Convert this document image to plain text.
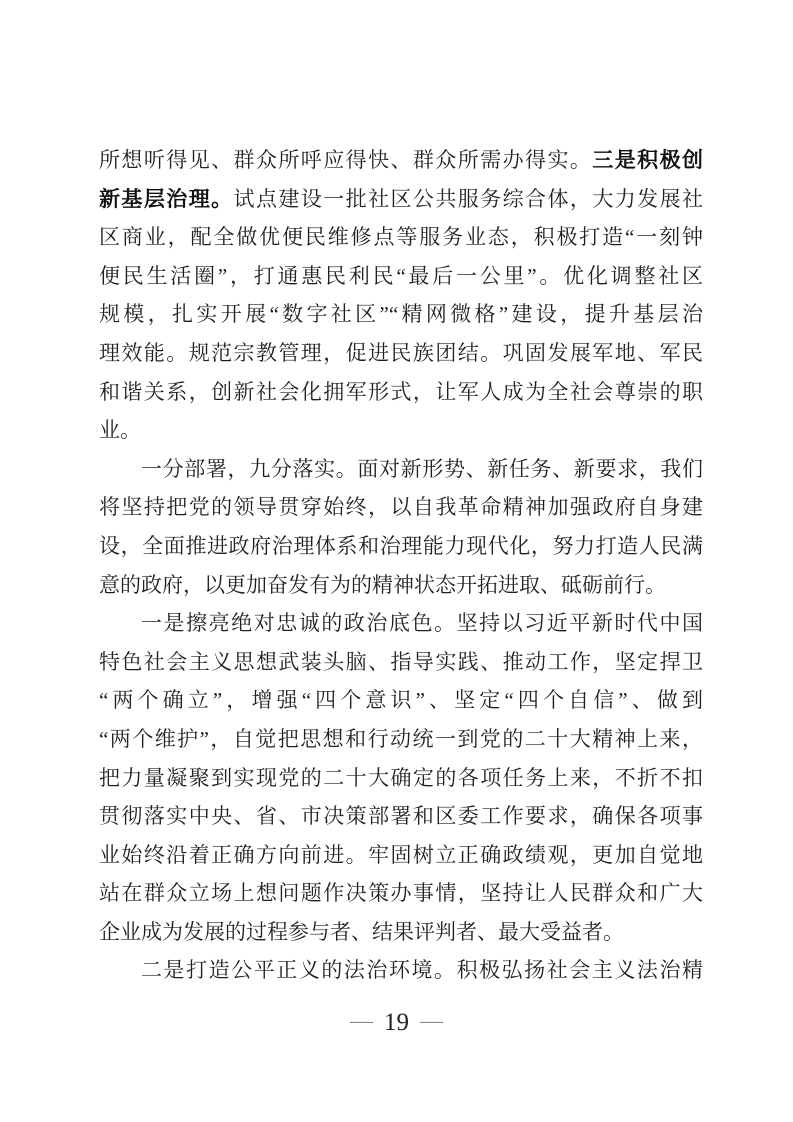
所想听得见、群众所呼应得快、群众所需办得实。三是积极创
新基层治理。试点建设一批社区公共服务综合体，大力发展社
区商业，配全做优便民维修点等服务业态，积极打造“一刻钟
便民生活圈”，打通惠民利民“最后一公里”。优化调整社区
规模，扎实开展“数字社区”“精网微格”建设，提升基层治
理效能。规范宗教管理，促进民族团结。巩固发展军地、军民
和谐关系，创新社会化拥军形式，让军人成为全社会尊崇的职
业。
一分部署，九分落实。面对新形势、新任务、新要求，我们
将坚持把党的领导贯穿始终，以自我革命精神加强政府自身建
设，全面推进政府治理体系和治理能力现代化，努力打造人民满
意的政府，以更加奋发有为的精神状态开拓进取、砥砺前行。
一是擦亮绝对忠诚的政治底色。坚持以习近平新时代中国
特色社会主义思想武装头脑、指导实践、推动工作，坚定捍卫
“两个确立”，增强“四个意识”、坚定“四个自信”、做到
“两个维护”，自觉把思想和行动统一到党的二十大精神上来，
把力量凝聚到实现党的二十大确定的各项任务上来，不折不扣
贯彻落实中央、省、市决策部署和区委工作要求，确保各项事
业始终沿着正确方向前进。牢固树立正确政绩观，更加自觉地
站在群众立场上想问题作决策办事情，坚持让人民群众和广大
企业成为发展的过程参与者、结果评判者、最大受益者。
二是打造公平正义的法治环境。积极弘扬社会主义法治精
— 19 —
